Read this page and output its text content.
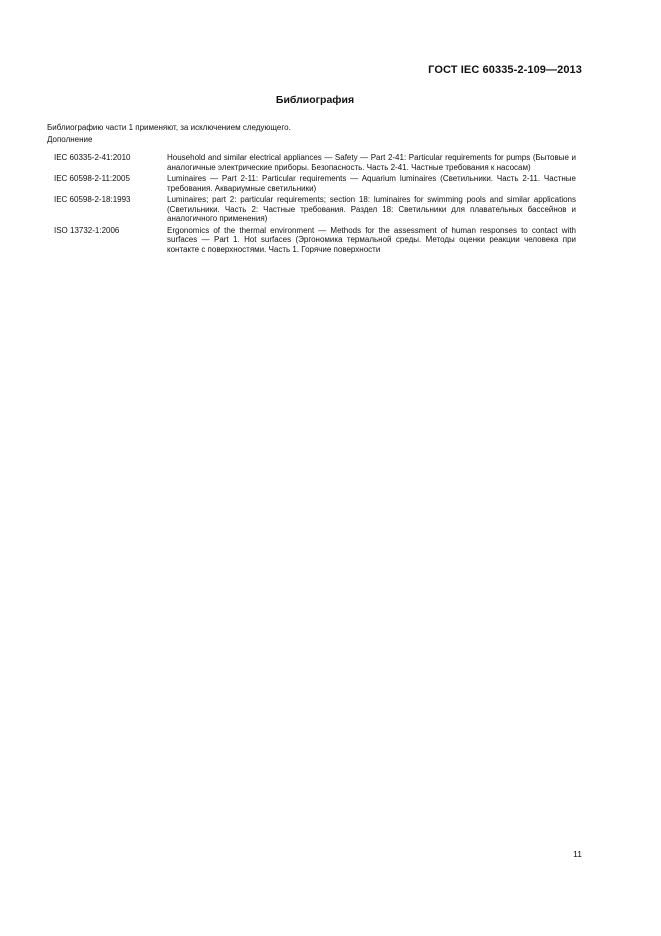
ГОСТ IEC 60335-2-109—2013
Библиография
Библиографию части 1 применяют, за исключением следующего.
Дополнение
IEC 60335-2-41:2010	Household and similar electrical appliances — Safety — Part 2-41: Particular requirements for pumps (Бытовые и аналогичные электрические приборы. Безопасность. Часть 2-41. Частные требования к насосам)
IEC 60598-2-11:2005	Luminaires — Part 2-11: Particular requirements — Aquarium luminaires (Светильники. Часть 2-11. Частные требования. Аквариумные светильники)
IEC 60598-2-18:1993	Luminaires; part 2: particular requirements; section 18: luminaires for swimming pools and similar applications (Светильники. Часть 2: Частные требования. Раздел 18: Светильники для плавательных бассейнов и аналогичного применения)
ISO 13732-1:2006	Ergonomics of the thermal environment — Methods for the assessment of human responses to contact with surfaces — Part 1. Hot surfaces (Эргономика термальной среды. Методы оценки реакции человека при контакте с поверхностями. Часть 1. Горячие поверхности
11
